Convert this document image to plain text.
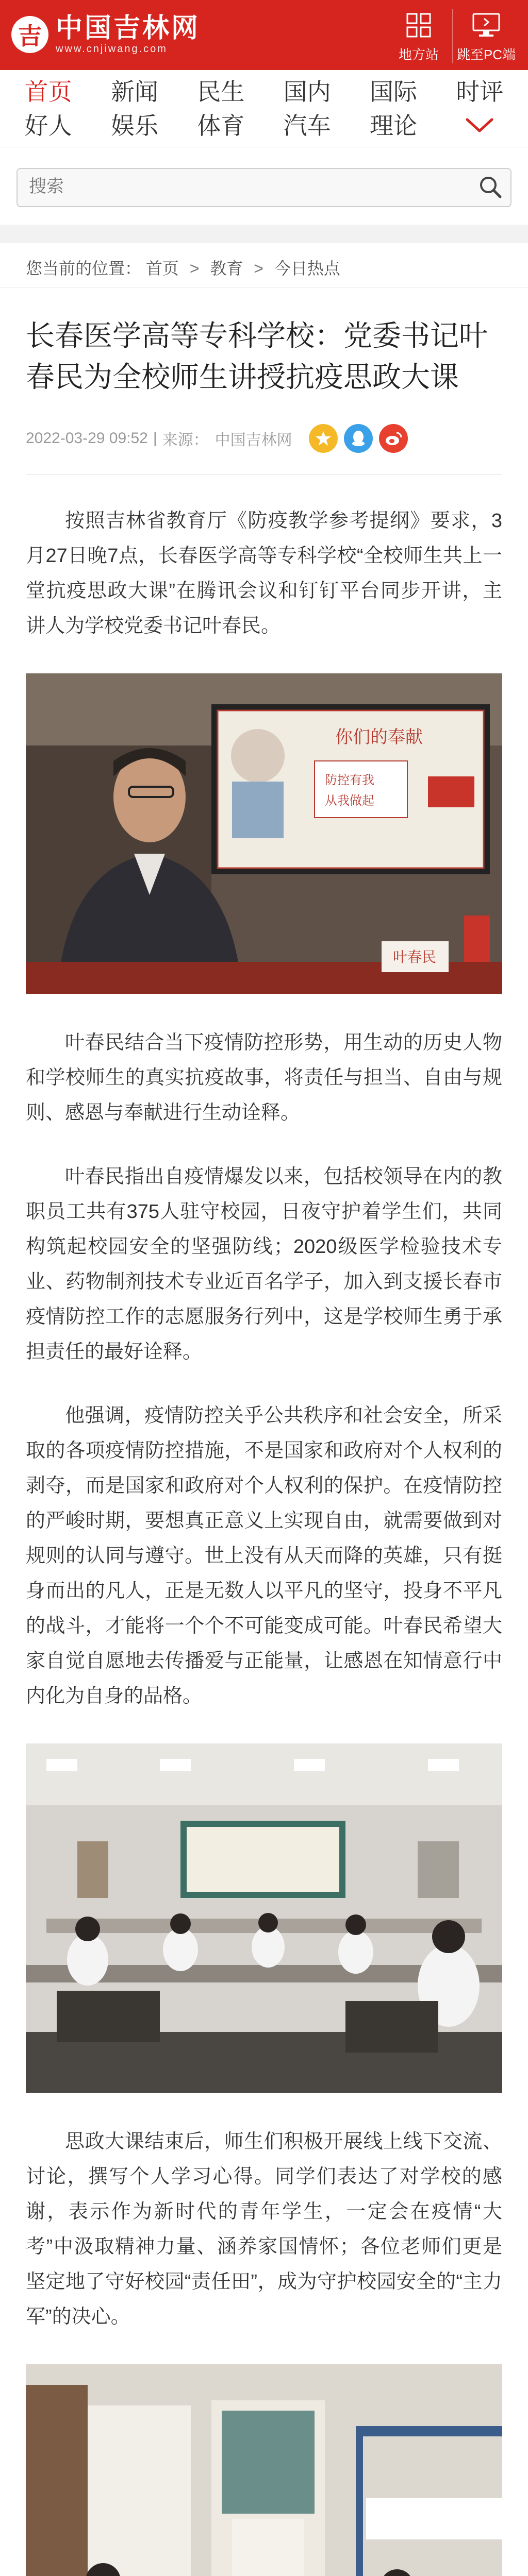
吉 中国吉林网
www.cnjiwang.com	地方站	跳至PC端
首页
好人
新闻
娱乐
民生
体育
国内
汽车
国际
理论
时评
搜索
您当前的位置： 首页 > 教育 > 今日热点
长春医学高等专科学校：党委书记叶春民为全校师生讲授抗疫思政大课
2022-03-29 09:52 | 来源： 中国吉林网

按照吉林省教育厅《防疫教学参考提纲》要求，3月27日晚7点，长春医学高等专科学校“全校师生共上一堂抗疫思政大课”在腾讯会议和钉钉平台同步开讲，主讲人为学校党委书记叶春民。

你们的奉献
防控有我
从我做起
叶春民

叶春民结合当下疫情防控形势，用生动的历史人物和学校师生的真实抗疫故事，将责任与担当、自由与规则、感恩与奉献进行生动诠释。

叶春民指出自疫情爆发以来，包括校领导在内的教职员工共有375人驻守校园，日夜守护着学生们，共同构筑起校园安全的坚强防线；2020级医学检验技术专业、药物制剂技术专业近百名学子，加入到支援长春市疫情防控工作的志愿服务行列中，这是学校师生勇于承担责任的最好诠释。

他强调，疫情防控关乎公共秩序和社会安全，所采取的各项疫情防控措施，不是国家和政府对个人权利的剥夺，而是国家和政府对个人权利的保护。在疫情防控的严峻时期，要想真正意义上实现自由，就需要做到对规则的认同与遵守。世上没有从天而降的英雄，只有挺身而出的凡人，正是无数人以平凡的坚守，投身不平凡的战斗，才能将一个个不可能变成可能。叶春民希望大家自觉自愿地去传播爱与正能量，让感恩在知情意行中内化为自身的品格。

思政大课结束后，师生们积极开展线上线下交流、讨论，撰写个人学习心得。同学们表达了对学校的感谢，表示作为新时代的青年学生，一定会在疫情“大考”中汲取精神力量、涵养家国情怀；各位老师们更是坚定地了守好校园“责任田”，成为守护校园安全的“主力军”的决心。
